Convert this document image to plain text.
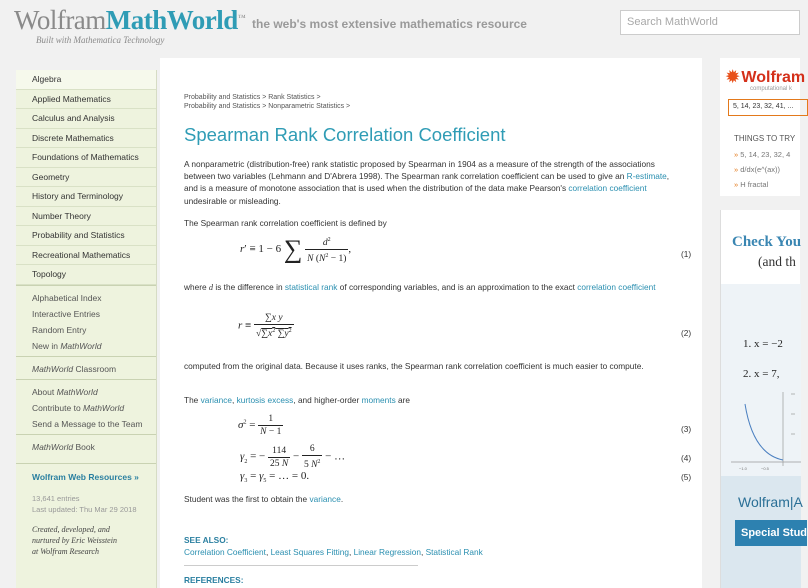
WolframMathWorld™
Built with Mathematica Technology
the web's most extensive mathematics resource	Search MathWorld
Algebra
Applied Mathematics
Calculus and Analysis
Discrete Mathematics
Foundations of Mathematics
Geometry
History and Terminology
Number Theory
Probability and Statistics
Recreational Mathematics
Topology
Alphabetical Index
Interactive Entries
Random Entry
New in MathWorld
MathWorld Classroom
About MathWorld
Contribute to MathWorld
Send a Message to the Team
MathWorld Book
Wolfram Web Resources »
13,641 entries
Last updated: Thu Mar 29 2018
Created, developed, and
nurtured by Eric Weisstein
at Wolfram Research
Probability and Statistics > Rank Statistics >
Probability and Statistics > Nonparametric Statistics >
Spearman Rank Correlation Coefficient
A nonparametric (distribution-free) rank statistic proposed by Spearman in 1904 as a measure of the strength of the associations between two variables (Lehmann and D'Abrera 1998). The Spearman rank correlation coefficient can be used to give an R-estimate, and is a measure of monotone association that is used when the distribution of the data make Pearson's correlation coefficient undesirable or misleading.
The Spearman rank correlation coefficient is defined by
r′ ≡ 1 − 6 ∑ $\frac{d^2}{N (N^2 - 1)}$ ,	(1)
where d is the difference in statistical rank of corresponding variables, and is an approximation to the exact correlation coefficient
$r \equiv \frac{\text{∑x y}}{√\sum x^2 \sum y^2}$	(2)
computed from the original data. Because it uses ranks, the Spearman rank correlation coefficient is much easier to compute.
The variance, kurtosis excess, and higher-order moments are
$\sigma^2 = \frac{1}{N - 1}$	(3)
$\gamma_2$ = − $\frac{114}{25 N} - \frac{6}{5 N^2}$ − …	(4)
$\gamma_3 = \gamma_5$ = … = 0.	(5)
Student was the first to obtain the variance.
SEE ALSO:
Correlation Coefficient, Least Squares Fitting, Linear Regression, Statistical Rank
REFERENCES:
✹ Wolfram
computational k
5, 14, 23, 32, 41, ...
THINGS TO TRY
» 5, 14, 23, 32, 4
» d/dx(e^(ax))
» H fractal
Check You
(and th
1. x = −2
2. x = 7,
−1.0	−0.5
Wolfram|A
Special Stud
